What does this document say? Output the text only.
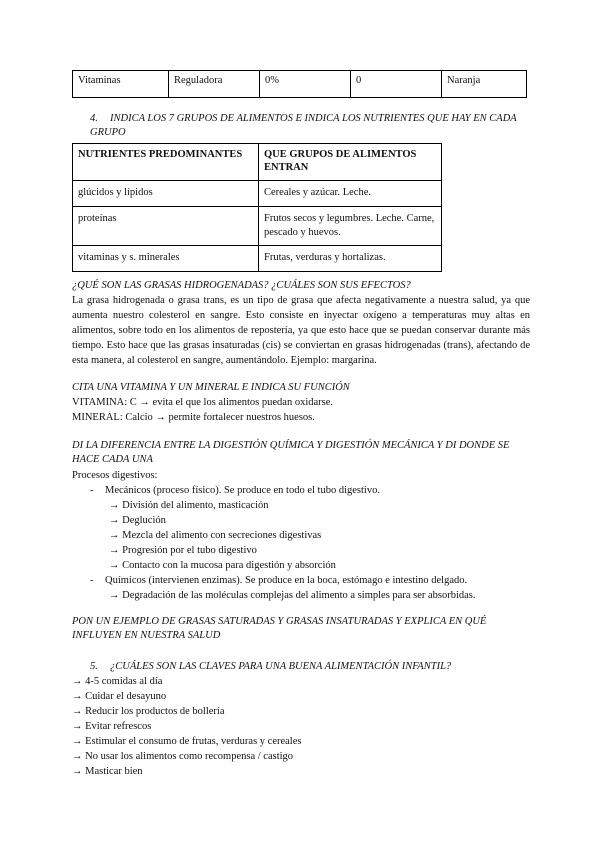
Vitaminas	Reguladora	0%	0	Naranja
4. INDICA LOS 7 GRUPOS DE ALIMENTOS E INDICA LOS NUTRIENTES QUE HAY EN CADA GRUPO
NUTRIENTES PREDOMINANTES	QUE GRUPOS DE ALIMENTOS ENTRAN
glúcidos y lípidos	Cereales y azúcar. Leche.
proteínas	Frutos secos y legumbres. Leche. Carne, pescado y huevos.
vitaminas y s. minerales	Frutas, verduras y hortalizas.
¿QUÉ SON LAS GRASAS HIDROGENADAS? ¿CUÁLES SON SUS EFECTOS?
La grasa hidrogenada o grasa trans, es un tipo de grasa que afecta negativamente a nuestra salud, ya que aumenta nuestro colesterol en sangre. Esto consiste en inyectar oxígeno a temperaturas muy altas en alimentos, sobre todo en los alimentos de repostería, ya que esto hace que se puedan conservar durante más tiempo. Esto hace que las grasas insaturadas (cis) se conviertan en grasas hidrogenadas (trans), afectando de esta manera, al colesterol en sangre, aumentándolo. Ejemplo: margarina.
CITA UNA VITAMINA Y UN MINERAL E INDICA SU FUNCIÓN
VITAMINA: C → evita el que los alimentos puedan oxidarse.
MINERAL: Calcio → permite fortalecer nuestros huesos.
DI LA DIFERENCIA ENTRE LA DIGESTIÓN QUÍMICA Y DIGESTIÓN MECÁNICA Y DI DONDE SE HACE CADA UNA
Procesos digestivos:
-	Mecánicos (proceso físico). Se produce en todo el tubo digestivo.
→ División del alimento, masticación
→ Deglución
→ Mezcla del alimento con secreciones digestivas
→ Progresión por el tubo digestivo
→ Contacto con la mucosa para digestión y absorción
-	Químicos (intervienen enzimas). Se produce en la boca, estómago e intestino delgado.
→ Degradación de las moléculas complejas del alimento a simples para ser absorbidas.
PON UN EJEMPLO DE GRASAS SATURADAS Y GRASAS INSATURADAS Y EXPLICA EN QUÉ INFLUYEN EN NUESTRA SALUD
5. ¿CUÁLES SON LAS CLAVES PARA UNA BUENA ALIMENTACIÓN INFANTIL?
→ 4-5 comidas al día
→ Cuidar el desayuno
→ Reducir los productos de bollería
→ Evitar refrescos
→ Estimular el consumo de frutas, verduras y cereales
→ No usar los alimentos como recompensa / castigo
→ Masticar bien
